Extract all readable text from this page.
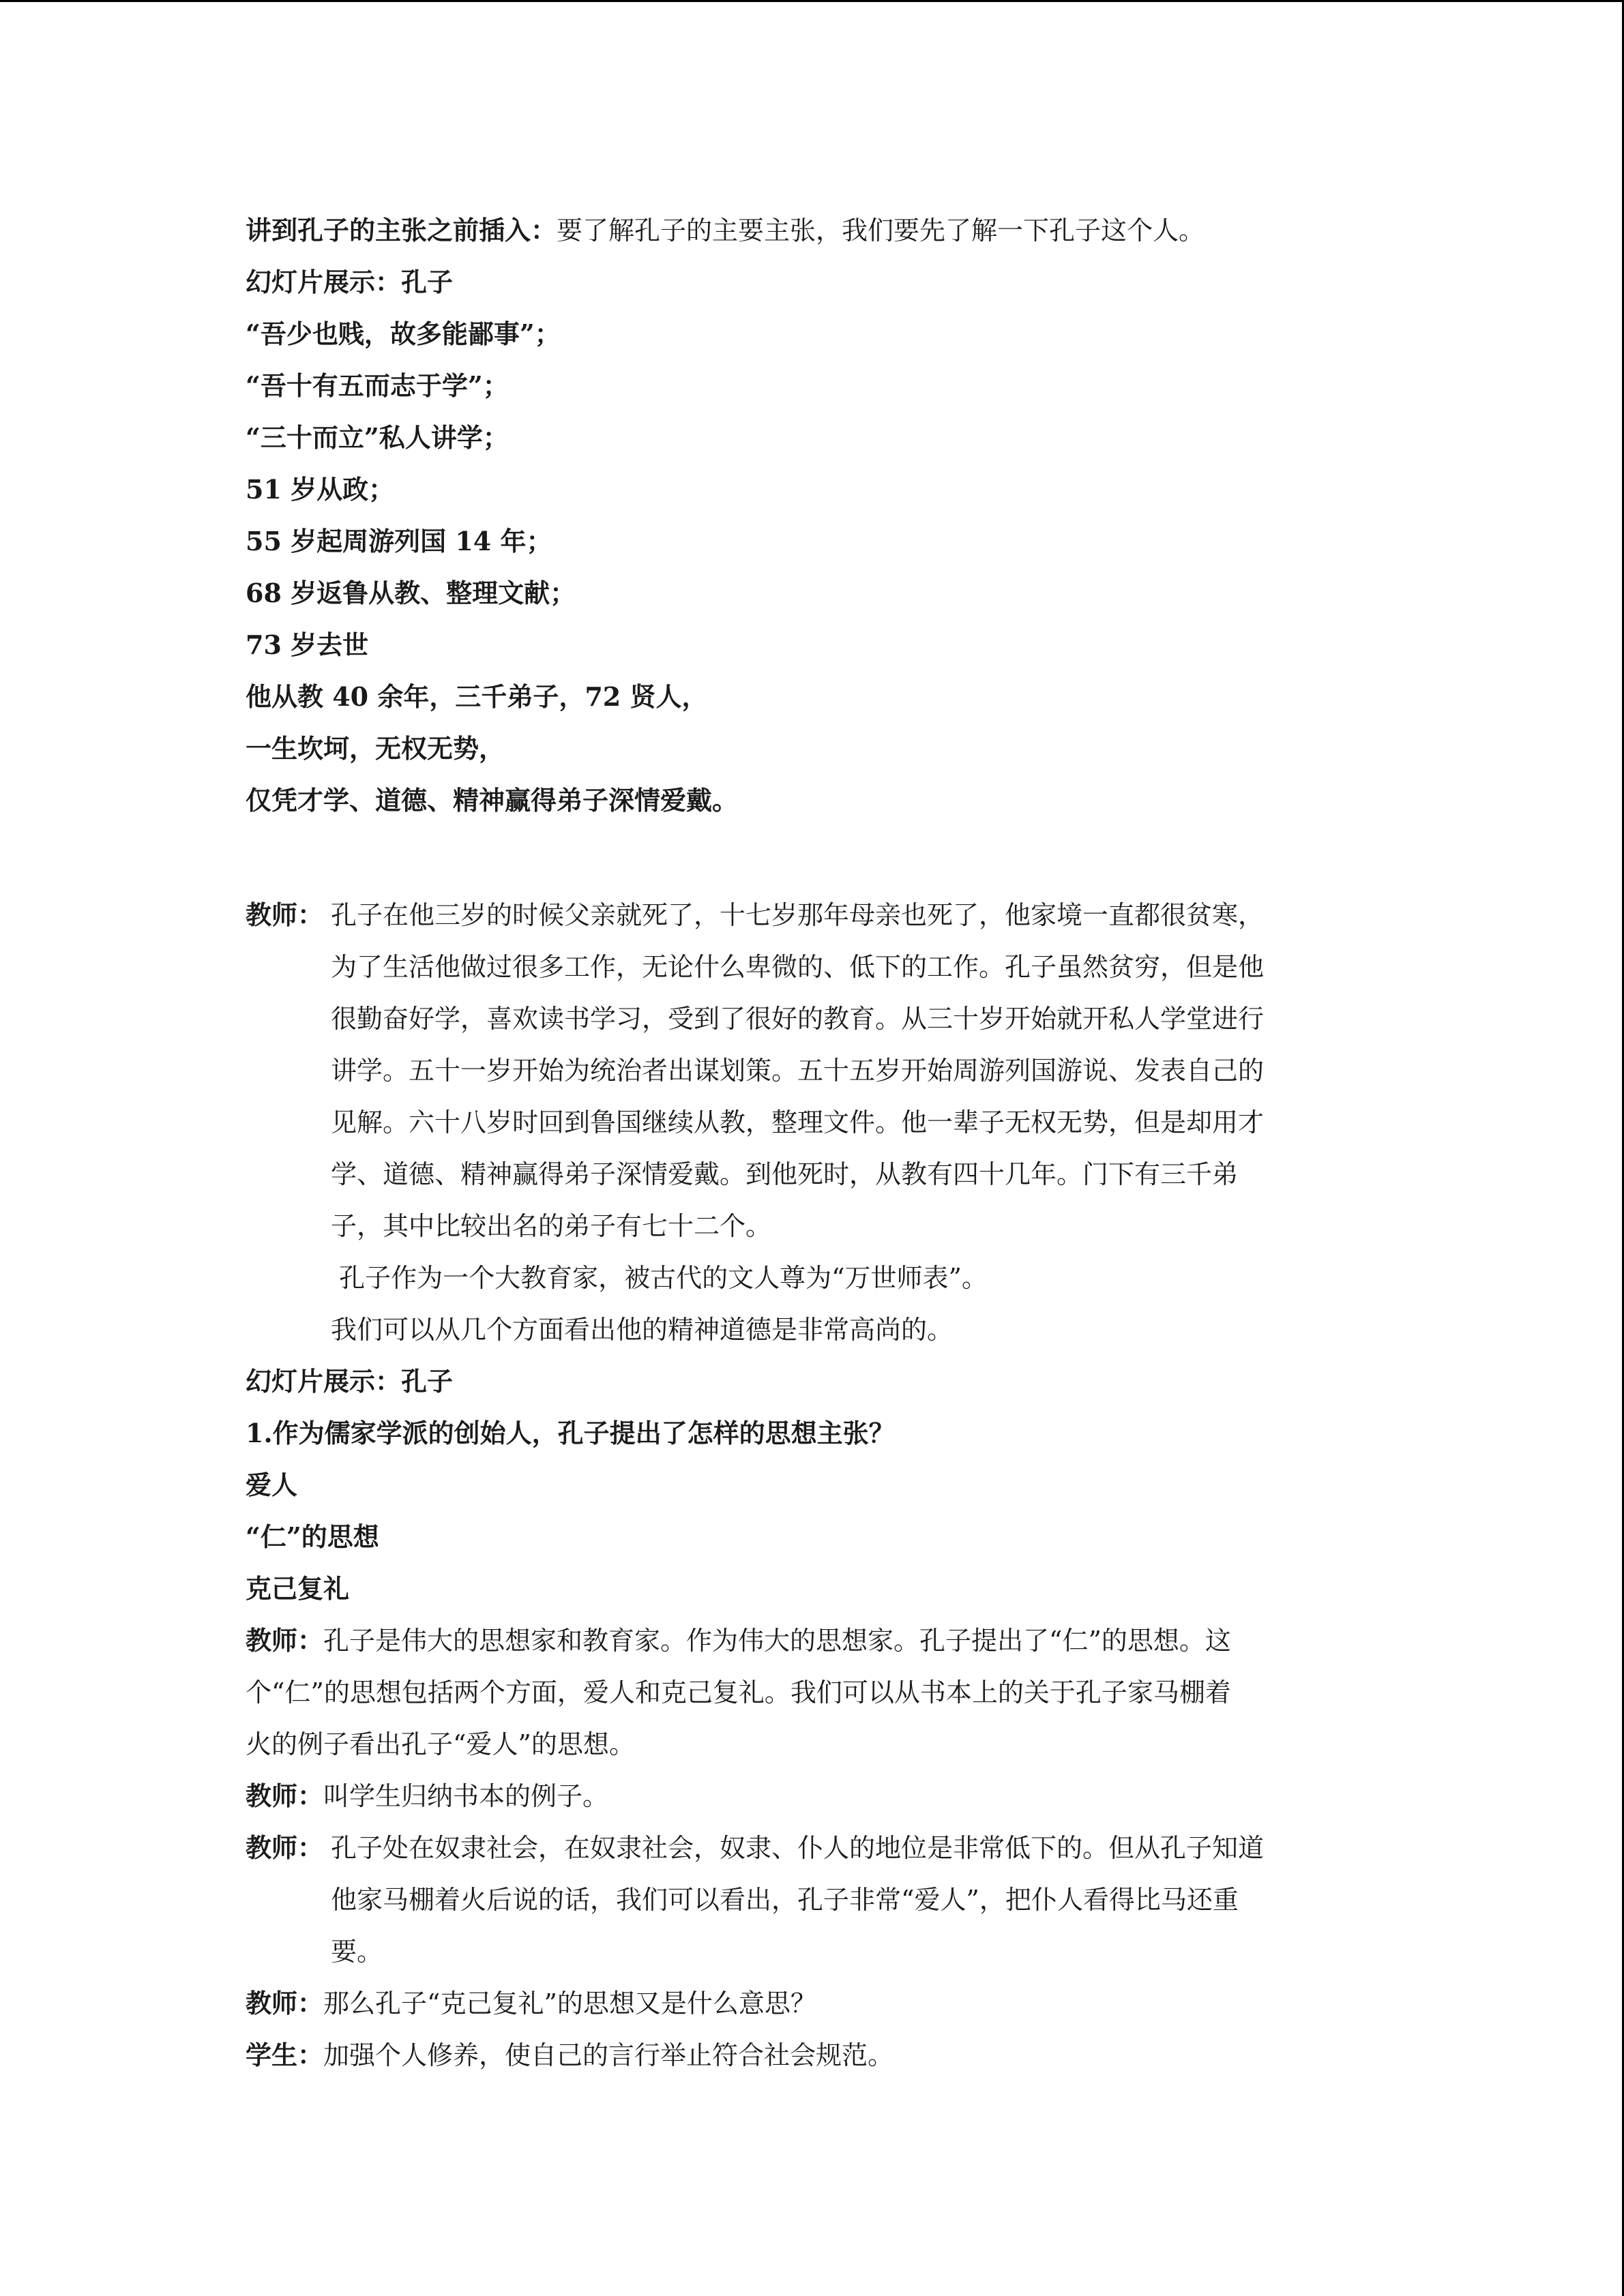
讲到孔子的主张之前插入：要了解孔子的主要主张，我们要先了解一下孔子这个人。
幻灯片展示：孔子
“吾少也贱，故多能鄙事”；
“吾十有五而志于学”；
“三十而立”私人讲学；
51 岁从政；
55 岁起周游列国 14 年；
68 岁返鲁从教、整理文献；
73 岁去世
他从教 40 余年，三千弟子，72 贤人，
一生坎坷，无权无势，
仅凭才学、道德、精神赢得弟子深情爱戴。
教师： 孔子在他三岁的时候父亲就死了，十七岁那年母亲也死了，他家境一直都很贫寒，
为了生活他做过很多工作，无论什么卑微的、低下的工作。孔子虽然贫穷，但是他
很勤奋好学，喜欢读书学习，受到了很好的教育。从三十岁开始就开私人学堂进行
讲学。五十一岁开始为统治者出谋划策。五十五岁开始周游列国游说、发表自己的
见解。六十八岁时回到鲁国继续从教，整理文件。他一辈子无权无势，但是却用才
学、道德、精神赢得弟子深情爱戴。到他死时，从教有四十几年。门下有三千弟
子，其中比较出名的弟子有七十二个。
孔子作为一个大教育家，被古代的文人尊为“万世师表”。
我们可以从几个方面看出他的精神道德是非常高尚的。
幻灯片展示：孔子
1.作为儒家学派的创始人，孔子提出了怎样的思想主张？
爱人
“仁”的思想
克己复礼
教师：孔子是伟大的思想家和教育家。作为伟大的思想家。孔子提出了“仁”的思想。这
个“仁”的思想包括两个方面，爱人和克己复礼。我们可以从书本上的关于孔子家马棚着
火的例子看出孔子“爱人”的思想。
教师：叫学生归纳书本的例子。
教师： 孔子处在奴隶社会，在奴隶社会，奴隶、仆人的地位是非常低下的。但从孔子知道
他家马棚着火后说的话，我们可以看出，孔子非常“爱人”，把仆人看得比马还重
要。
教师：那么孔子“克己复礼”的思想又是什么意思？
学生：加强个人修养，使自己的言行举止符合社会规范。
